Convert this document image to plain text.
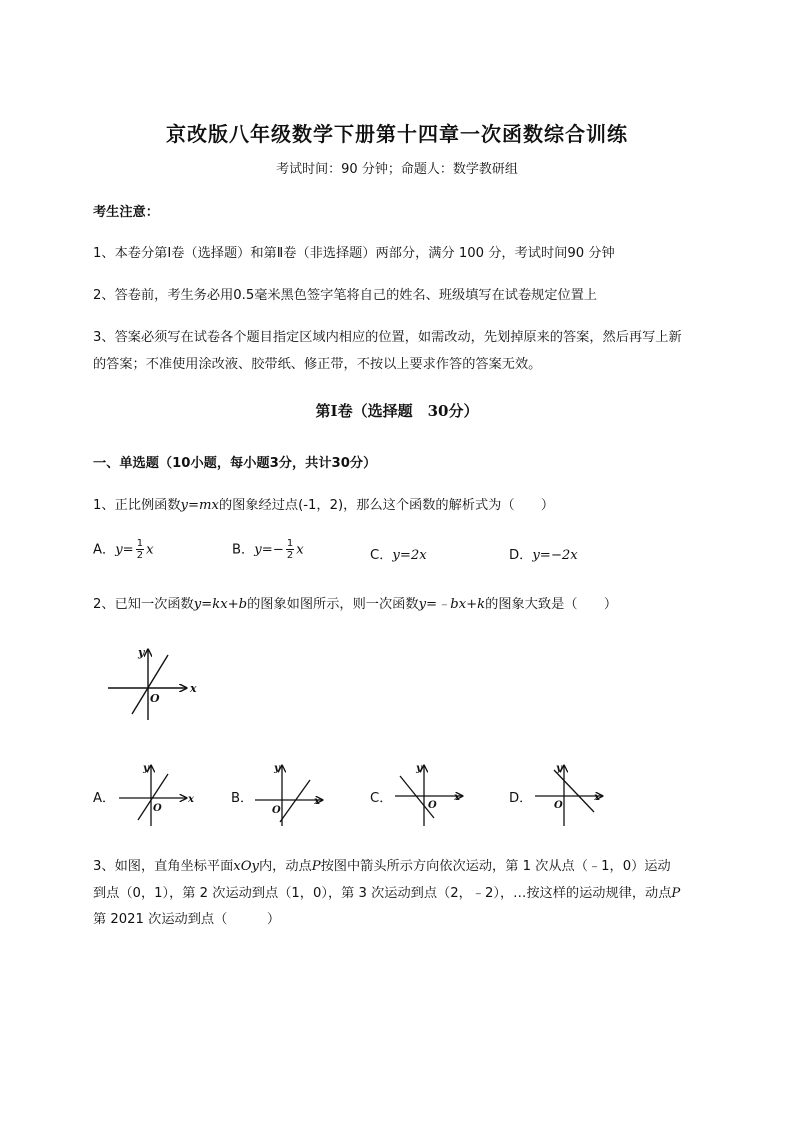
京改版八年级数学下册第十四章一次函数综合训练
考试时间：90 分钟；命题人：数学教研组
考生注意：
1、本卷分第Ⅰ卷（选择题）和第Ⅱ卷（非选择题）两部分，满分 100 分，考试时间90 分钟
2、答卷前，考生务必用0.5毫米黑色签字笔将自己的姓名、班级填写在试卷规定位置上
3、答案必须写在试卷各个题目指定区域内相应的位置，如需改动，先划掉原来的答案，然后再写上新
的答案；不准使用涂改液、胶带纸、修正带，不按以上要求作答的答案无效。
第Ⅰ卷（选择题　30分）
一、单选题（10小题，每小题3分，共计30分）
1、正比例函数y=mx的图象经过点(-1，2)，那么这个函数的解析式为（　　）
A．$y= \frac{1}{2}$ x	B．$y=- \frac{1}{2}$ x	C．y=2x	D．y=−2x
2、已知一次函数y=kx+b的图象如图所示，则一次函数y=﹣bx+k的图象大致是（　　）
x
y
O
A．	x
y
O
B．	x
y
O
C．	x
y
O	D．	x
y
O
3、如图，直角坐标平面xOy内，动点P按图中箭头所示方向依次运动，第 1 次从点（﹣1，0）运动
到点（0，1），第 2 次运动到点（1，0），第 3 次运动到点（2，﹣2），…按这样的运动规律，动点P
第 2021 次运动到点（　　　）
